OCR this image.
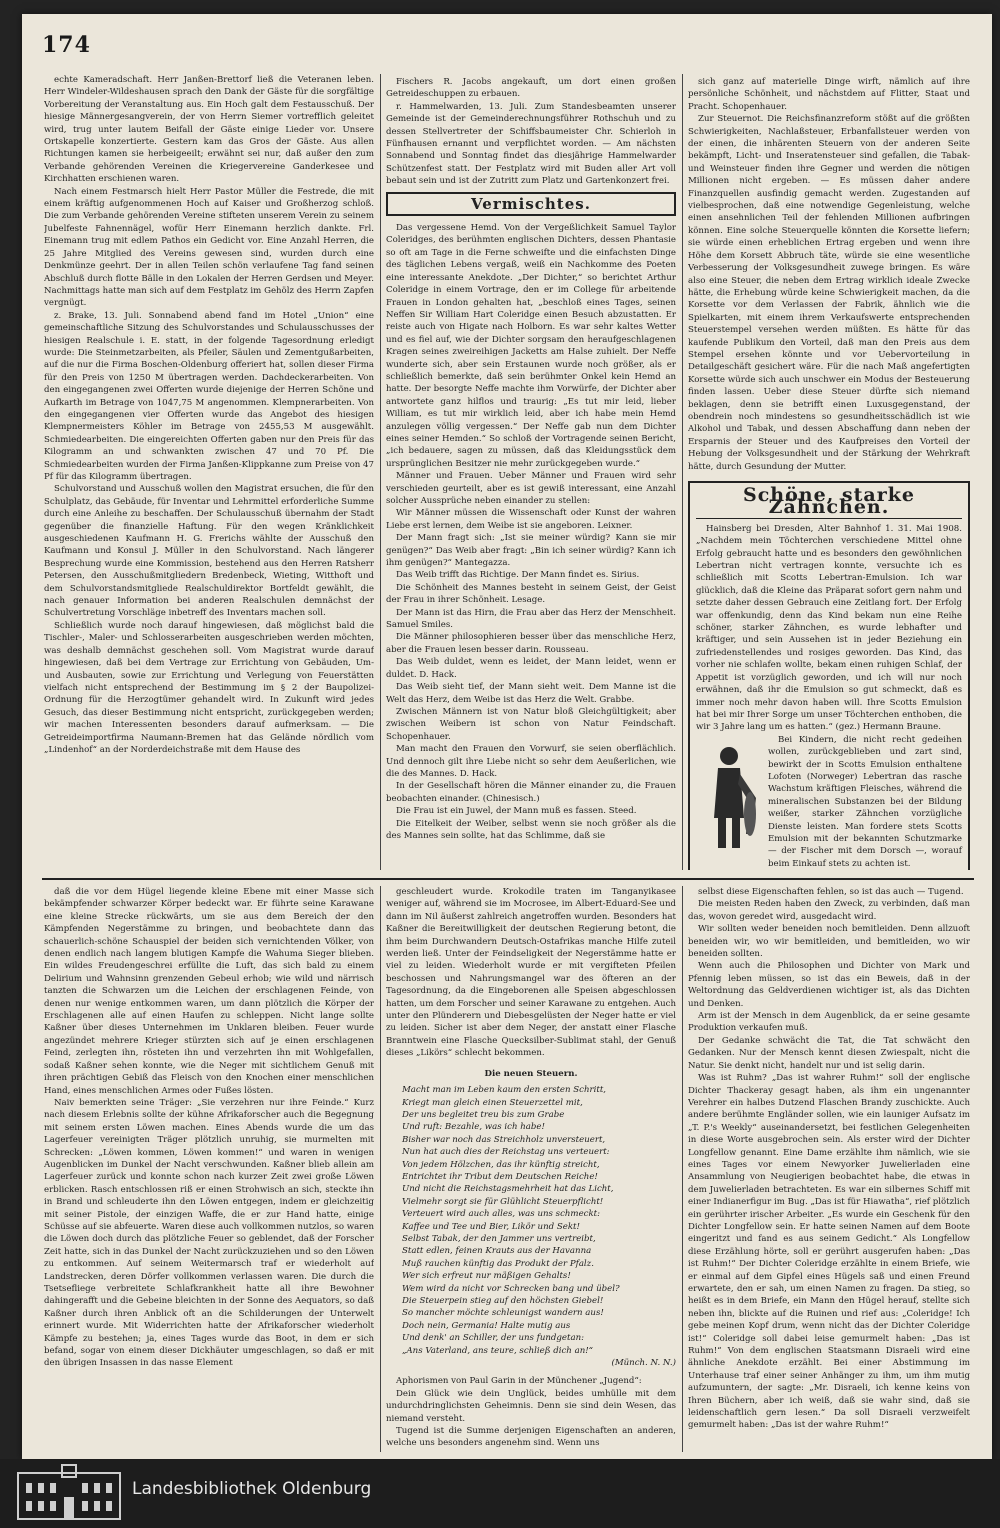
174

echte Kameradschaft. Herr Janßen-Brettorf ließ die Veteranen leben. Herr Windeler-Wildeshausen sprach den Dank der Gäste für die sorgfältige Vorbereitung der Veranstaltung aus. Ein Hoch galt dem Festausschuß. Der hiesige Männergesangverein, der von Herrn Siemer vortrefflich geleitet wird, trug unter lautem Beifall der Gäste einige Lieder vor. Unsere Ortskapelle konzertierte. Gestern kam das Gros der Gäste. Aus allen Richtungen kamen sie herbeigeeilt; erwähnt sei nur, daß außer den zum Verbande gehörenden Vereinen die Kriegervereine Ganderkesee und Kirchhatten erschienen waren.

Nach einem Festmarsch hielt Herr Pastor Müller die Festrede, die mit einem kräftig aufgenommenen Hoch auf Kaiser und Großherzog schloß. Die zum Verbande gehörenden Vereine stifteten unserem Verein zu seinem Jubelfeste Fahnennägel, wofür Herr Einemann herzlich dankte. Frl. Einemann trug mit edlem Pathos ein Gedicht vor. Eine Anzahl Herren, die 25 Jahre Mitglied des Vereins gewesen sind, wurden durch eine Denkmünze geehrt. Der in allen Teilen schön verlaufene Tag fand seinen Abschluß durch flotte Bälle in den Lokalen der Herren Gerdsen und Meyer. Nachmittags hatte man sich auf dem Festplatz im Gehölz des Herrn Zapfen vergnügt.

z. Brake, 13. Juli. Sonnabend abend fand im Hotel „Union“ eine gemeinschaftliche Sitzung des Schulvorstandes und Schulausschusses der hiesigen Realschule i. E. statt, in der folgende Tagesordnung erledigt wurde: Die Steinmetzarbeiten, als Pfeiler, Säulen und Zementgußarbeiten, auf die nur die Firma Boschen-Oldenburg offeriert hat, sollen dieser Firma für den Preis von 1250 M übertragen werden. Dachdeckerarbeiten. Von den eingegangenen zwei Offerten wurde diejenige der Herren Schöne und Aufkarth im Betrage von 1047,75 M angenommen. Klempnerarbeiten. Von den eingegangenen vier Offerten wurde das Angebot des hiesigen Klempnermeisters Köhler im Betrage von 2455,53 M ausgewählt. Schmiedearbeiten. Die eingereichten Offerten gaben nur den Preis für das Kilogramm an und schwankten zwischen 47 und 70 Pf. Die Schmiedearbeiten wurden der Firma Janßen-Klippkanne zum Preise von 47 Pf für das Kilogramm übertragen.

Schulvorstand und Ausschuß wollen den Magistrat ersuchen, die für den Schulplatz, das Gebäude, für Inventar und Lehrmittel erforderliche Summe durch eine Anleihe zu beschaffen. Der Schulausschuß übernahm der Stadt gegenüber die finanzielle Haftung. Für den wegen Kränklichkeit ausgeschiedenen Kaufmann H. G. Frerichs wählte der Ausschuß den Kaufmann und Konsul J. Müller in den Schulvorstand. Nach längerer Besprechung wurde eine Kommission, bestehend aus den Herren Ratsherr Petersen, den Ausschußmitgliedern Bredenbeck, Wieting, Witthoft und dem Schulvorstandsmitgliede Realschuldirektor Bortfeldt gewählt, die nach genauer Information bei anderen Realschulen demnächst der Schulvertretung Vorschläge inbetreff des Inventars machen soll.

Schließlich wurde noch darauf hingewiesen, daß möglichst bald die Tischler-, Maler- und Schlosserarbeiten ausgeschrieben werden möchten, was deshalb demnächst geschehen soll. Vom Magistrat wurde darauf hingewiesen, daß bei dem Vertrage zur Errichtung von Gebäuden, Um- und Ausbauten, sowie zur Errichtung und Verlegung von Feuerstätten vielfach nicht entsprechend der Bestimmung im § 2 der Baupolizei-Ordnung für die Herzogtümer gehandelt wird. In Zukunft wird jedes Gesuch, das dieser Bestimmung nicht entspricht, zurückgegeben werden; wir machen Interessenten besonders darauf aufmerksam. — Die Getreideimportfirma Naumann-Bremen hat das Gelände nördlich vom „Lindenhof“ an der Norderdeichstraße mit dem Hause des

Fischers R. Jacobs angekauft, um dort einen großen Getreideschuppen zu erbauen.

r. Hammelwarden, 13. Juli. Zum Standesbeamten unserer Gemeinde ist der Gemeinderechnungsführer Rothschuh und zu dessen Stellvertreter der Schiffsbaumeister Chr. Schierloh in Fünfhausen ernannt und verpflichtet worden. — Am nächsten Sonnabend und Sonntag findet das diesjährige Hammelwarder Schützenfest statt. Der Festplatz wird mit Buden aller Art voll bebaut sein und ist der Zutritt zum Platz und Gartenkonzert frei.

Vermischtes.

Das vergessene Hemd. Von der Vergeßlichkeit Samuel Taylor Coleridges, des berühmten englischen Dichters, dessen Phantasie so oft am Tage in die Ferne schweifte und die einfachsten Dinge des täglichen Lebens vergaß, weiß ein Nachkomme des Poeten eine interessante Anekdote. „Der Dichter,“ so berichtet Arthur Coleridge in einem Vortrage, den er im College für arbeitende Frauen in London gehalten hat, „beschloß eines Tages, seinen Neffen Sir William Hart Coleridge einen Besuch abzustatten. Er reiste auch von Higate nach Holborn. Es war sehr kaltes Wetter und es fiel auf, wie der Dichter sorgsam den heraufgeschlagenen Kragen seines zweireihigen Jacketts am Halse zuhielt. Der Neffe wunderte sich, aber sein Erstaunen wurde noch größer, als er schließlich bemerkte, daß sein berühmter Onkel kein Hemd an hatte. Der besorgte Neffe machte ihm Vorwürfe, der Dichter aber antwortete ganz hilflos und traurig: „Es tut mir leid, lieber William, es tut mir wirklich leid, aber ich habe mein Hemd anzulegen völlig vergessen.“ Der Neffe gab nun dem Dichter eines seiner Hemden.“ So schloß der Vortragende seinen Bericht, „ich bedauere, sagen zu müssen, daß das Kleidungsstück dem ursprünglichen Besitzer nie mehr zurückgegeben wurde.“

Männer und Frauen. Ueber Männer und Frauen wird sehr verschieden geurteilt, aber es ist gewiß interessant, eine Anzahl solcher Aussprüche neben einander zu stellen:

Wir Männer müssen die Wissenschaft oder Kunst der wahren Liebe erst lernen, dem Weibe ist sie angeboren. Leixner.

Der Mann fragt sich: „Ist sie meiner würdig? Kann sie mir genügen?“ Das Weib aber fragt: „Bin ich seiner würdig? Kann ich ihm genügen?“ Mantegazza.

Das Weib trifft das Richtige. Der Mann findet es. Sirius.

Die Schönheit des Mannes besteht in seinem Geist, der Geist der Frau in ihrer Schönheit. Lesage.

Der Mann ist das Hirn, die Frau aber das Herz der Menschheit. Samuel Smiles.

Die Männer philosophieren besser über das menschliche Herz, aber die Frauen lesen besser darin. Rousseau.

Das Weib duldet, wenn es leidet, der Mann leidet, wenn er duldet. D. Hack.

Das Weib sieht tief, der Mann sieht weit. Dem Manne ist die Welt das Herz, dem Weibe ist das Herz die Welt. Grabbe.

Zwischen Männern ist von Natur bloß Gleichgültigkeit; aber zwischen Weibern ist schon von Natur Feindschaft. Schopenhauer.

Man macht den Frauen den Vorwurf, sie seien oberflächlich. Und dennoch gilt ihre Liebe nicht so sehr dem Aeußerlichen, wie die des Mannes. D. Hack.

In der Gesellschaft hören die Männer einander zu, die Frauen beobachten einander. (Chinesisch.)

Die Frau ist ein Juwel, der Mann muß es fassen. Steed.

Die Eitelkeit der Weiber, selbst wenn sie noch größer als die des Mannes sein sollte, hat das Schlimme, daß sie

sich ganz auf materielle Dinge wirft, nämlich auf ihre persönliche Schönheit, und nächstdem auf Flitter, Staat und Pracht. Schopenhauer.

Zur Steuernot. Die Reichsfinanzreform stößt auf die größten Schwierigkeiten, Nachlaßsteuer, Erbanfallsteuer werden von der einen, die inhärenten Steuern von der anderen Seite bekämpft, Licht- und Inseratensteuer sind gefallen, die Tabak- und Weinsteuer finden ihre Gegner und werden die nötigen Millionen nicht ergeben. — Es müssen daher andere Finanzquellen ausfindig gemacht werden. Zugestanden auf vielbesprochen, daß eine notwendige Gegenleistung, welche einen ansehnlichen Teil der fehlenden Millionen aufbringen können. Eine solche Steuerquelle könnten die Korsette liefern; sie würde einen erheblichen Ertrag ergeben und wenn ihre Höhe dem Korsett Abbruch täte, würde sie eine wesentliche Verbesserung der Volksgesundheit zuwege bringen. Es wäre also eine Steuer, die neben dem Ertrag wirklich ideale Zwecke hätte, die Erhebung würde keine Schwierigkeit machen, da die Korsette vor dem Verlassen der Fabrik, ähnlich wie die Spielkarten, mit einem ihrem Verkaufswerte entsprechenden Steuerstempel versehen werden müßten. Es hätte für das kaufende Publikum den Vorteil, daß man den Preis aus dem Stempel ersehen könnte und vor Uebervorteilung in Detailgeschäft gesichert wäre. Für die nach Maß angefertigten Korsette würde sich auch unschwer ein Modus der Besteuerung finden lassen. Ueber diese Steuer dürfte sich niemand beklagen, denn sie betrifft einen Luxusgegenstand, der obendrein noch mindestens so gesundheitsschädlich ist wie Alkohol und Tabak, und dessen Abschaffung dann neben der Ersparnis der Steuer und des Kaufpreises den Vorteil der Hebung der Volksgesundheit und der Stärkung der Wehrkraft hätte, durch Gesundung der Mutter.

Schöne, starke Zähnchen.

Hainsberg bei Dresden, Alter Bahnhof 1. 31. Mai 1908. „Nachdem mein Töchterchen verschiedene Mittel ohne Erfolg gebraucht hatte und es besonders den gewöhnlichen Lebertran nicht vertragen konnte, versuchte ich es schließlich mit Scotts Lebertran-Emulsion. Ich war glücklich, daß die Kleine das Präparat sofort gern nahm und setzte daher dessen Gebrauch eine Zeitlang fort. Der Erfolg war offenkundig, denn das Kind bekam nun eine Reihe schöner, starker Zähnchen, es wurde lebhafter und kräftiger, und sein Aussehen ist in jeder Beziehung ein zufriedenstellendes und rosiges geworden. Das Kind, das vorher nie schlafen wollte, bekam einen ruhigen Schlaf, der Appetit ist vorzüglich geworden, und ich will nur noch erwähnen, daß ihr die Emulsion so gut schmeckt, daß es immer noch mehr davon haben will. Ihre Scotts Emulsion hat bei mir Ihrer Sorge um unser Töchterchen enthoben, die wir 3 Jahre lang um es hatten.“ (gez.) Hermann Braune.

Bei Kindern, die nicht recht gedeihen wollen, zurückgeblieben und zart sind, bewirkt der in Scotts Emulsion enthaltene Lofoten (Norweger) Lebertran das rasche Wachstum kräftigen Fleisches, während die mineralischen Substanzen bei der Bildung weißer, starker Zähnchen vorzügliche Dienste leisten. Man fordere stets Scotts Emulsion mit der bekannten Schutzmarke — der Fischer mit dem Dorsch —, worauf beim Einkauf stets zu achten ist.

daß die vor dem Hügel liegende kleine Ebene mit einer Masse sich bekämpfender schwarzer Körper bedeckt war. Er führte seine Karawane eine kleine Strecke rückwärts, um sie aus dem Bereich der den Kämpfenden Negerstämme zu bringen, und beobachtete dann das schauerlich-schöne Schauspiel der beiden sich vernichtenden Völker, von denen endlich nach langem blutigen Kampfe die Wahuma Sieger blieben. Ein wildes Freudengeschrei erfüllte die Luft, das sich bald zu einem Delirium und Wahnsinn grenzenden Gebeul erhob; wie wild und närrisch tanzten die Schwarzen um die Leichen der erschlagenen Feinde, von denen nur wenige entkommen waren, um dann plötzlich die Körper der Erschlagenen alle auf einen Haufen zu schleppen. Nicht lange sollte Kaßner über dieses Unternehmen im Unklaren bleiben. Feuer wurde angezündet mehrere Krieger stürzten sich auf je einen erschlagenen Feind, zerlegten ihn, rösteten ihn und verzehrten ihn mit Wohlgefallen, sodaß Kaßner sehen konnte, wie die Neger mit sichtlichem Genuß mit ihren prächtigen Gebiß das Fleisch von den Knochen einer menschlichen Hand, eines menschlichen Armes oder Fußes lösten.

Naiv bemerkten seine Träger: „Sie verzehren nur ihre Feinde.“ Kurz nach diesem Erlebnis sollte der kühne Afrikaforscher auch die Begegnung mit seinem ersten Löwen machen. Eines Abends wurde die um das Lagerfeuer vereinigten Träger plötzlich unruhig, sie murmelten mit Schrecken: „Löwen kommen, Löwen kommen!“ und waren in wenigen Augenblicken im Dunkel der Nacht verschwunden. Kaßner blieb allein am Lagerfeuer zurück und konnte schon nach kurzer Zeit zwei große Löwen erblicken. Rasch entschlossen riß er einen Strohwisch an sich, steckte ihn in Brand und schleuderte ihn den Löwen entgegen, indem er gleichzeitig mit seiner Pistole, der einzigen Waffe, die er zur Hand hatte, einige Schüsse auf sie abfeuerte. Waren diese auch vollkommen nutzlos, so waren die Löwen doch durch das plötzliche Feuer so geblendet, daß der Forscher Zeit hatte, sich in das Dunkel der Nacht zurückzuziehen und so den Löwen zu entkommen. Auf seinem Weitermarsch traf er wiederholt auf Landstrecken, deren Dörfer vollkommen verlassen waren. Die durch die Tsetsefliege verbreitete Schlafkrankheit hatte all ihre Bewohner dahingerafft und die Gebeine bleichten in der Sonne des Aequators, so daß Kaßner durch ihren Anblick oft an die Schilderungen der Unterwelt erinnert wurde. Mit Widerrichten hatte der Afrikaforscher wiederholt Kämpfe zu bestehen; ja, eines Tages wurde das Boot, in dem er sich befand, sogar von einem dieser Dickhäuter umgeschlagen, so daß er mit den übrigen Insassen in das nasse Element

geschleudert wurde. Krokodile traten im Tanganyikasee weniger auf, während sie im Mocrosee, im Albert-Eduard-See und dann im Nil äußerst zahlreich angetroffen wurden. Besonders hat Kaßner die Bereitwilligkeit der deutschen Regierung betont, die ihm beim Durchwandern Deutsch-Ostafrikas manche Hilfe zuteil werden ließ. Unter der Feindseligkeit der Negerstämme hatte er viel zu leiden. Wiederholt wurde er mit vergifteten Pfeilen beschossen und Nahrungsmangel war des öfteren an der Tagesordnung, da die Eingeborenen alle Speisen abgeschlossen hatten, um dem Forscher und seiner Karawane zu entgehen. Auch unter den Plünderern und Diebesgelüsten der Neger hatte er viel zu leiden. Sicher ist aber dem Neger, der anstatt einer Flasche Branntwein eine Flasche Quecksilber-Sublimat stahl, der Genuß dieses „Likörs“ schlecht bekommen.

Die neuen Steuern.

Macht man im Leben kaum den ersten Schritt,

Kriegt man gleich einen Steuerzettel mit,

Der uns begleitet treu bis zum Grabe

Und ruft: Bezahle, was ich habe!

Bisher war noch das Streichholz unversteuert,

Nun hat auch dies der Reichstag uns verteuert:

Von jedem Hölzchen, das ihr künftig streicht,

Entrichtet ihr Tribut dem Deutschen Reiche!

Und nicht die Reichstagsmehrheit hat das Licht,

Vielmehr sorgt sie für Glühlicht Steuerpflicht!

Verteuert wird auch alles, was uns schmeckt:

Kaffee und Tee und Bier, Likör und Sekt!

Selbst Tabak, der den Jammer uns vertreibt,

Statt edlen, feinen Krauts aus der Havanna

Muß rauchen künftig das Produkt der Pfalz.

Wer sich erfreut nur mäßigen Gehalts!

Wem wird da nicht vor Schrecken bang und übel?

Die Steuerpein stieg auf den höchsten Giebel!

So mancher möchte schleunigst wandern aus!

Doch nein, Germania! Halte mutig aus

Und denk' an Schiller, der uns fundgetan:

„Ans Vaterland, ans teure, schließ dich an!“

(Münch. N. N.)

Aphorismen von Paul Garin in der Münchener „Jugend“:

Dein Glück wie dein Unglück, beides umhülle mit dem undurchdringlichsten Geheimnis. Denn sie sind dein Wesen, das niemand versteht.

Tugend ist die Summe derjenigen Eigenschaften an anderen, welche uns besonders angenehm sind. Wenn uns

selbst diese Eigenschaften fehlen, so ist das auch — Tugend.

Die meisten Reden haben den Zweck, zu verbinden, daß man das, wovon geredet wird, ausgedacht wird.

Wir sollten weder beneiden noch bemitleiden. Denn allzuoft beneiden wir, wo wir bemitleiden, und bemitleiden, wo wir beneiden sollten.

Wenn auch die Philosophen und Dichter von Mark und Pfennig leben müssen, so ist das ein Beweis, daß in der Weltordnung das Geldverdienen wichtiger ist, als das Dichten und Denken.

Arm ist der Mensch in dem Augenblick, da er seine gesamte Produktion verkaufen muß.

Der Gedanke schwächt die Tat, die Tat schwächt den Gedanken. Nur der Mensch kennt diesen Zwiespalt, nicht die Natur. Sie denkt nicht, handelt nur und ist selig darin.

Was ist Ruhm? „Das ist wahrer Ruhm!“ soll der englische Dichter Thackeray gesagt haben, als ihm ein ungenannter Verehrer ein halbes Dutzend Flaschen Brandy zuschickte. Auch andere berühmte Engländer sollen, wie ein launiger Aufsatz im „T. P.'s Weekly“ auseinandersetzt, bei festlichen Gelegenheiten in diese Worte ausgebrochen sein. Als erster wird der Dichter Longfellow genannt. Eine Dame erzählte ihm nämlich, wie sie eines Tages vor einem Newyorker Juwelierladen eine Ansammlung von Neugierigen beobachtet habe, die etwas in dem Juwelierladen betrachteten. Es war ein silbernes Schiff mit einer Indianerfigur im Bug. „Das ist für Hiawatha“, rief plötzlich ein gerührter irischer Arbeiter. „Es wurde ein Geschenk für den Dichter Longfellow sein. Er hatte seinen Namen auf dem Boote eingeritzt und fand es aus seinem Gedicht.“ Als Longfellow diese Erzählung hörte, soll er gerührt ausgerufen haben: „Das ist Ruhm!“ Der Dichter Coleridge erzählte in einem Briefe, wie er einmal auf dem Gipfel eines Hügels saß und einen Freund erwartete, den er sah, um einen Namen zu fragen. Da stieg, so heißt es in dem Briefe, ein Mann den Hügel herauf, stellte sich neben ihn, blickte auf die Ruinen und rief aus: „Coleridge! Ich gebe meinen Kopf drum, wenn nicht das der Dichter Coleridge ist!“ Coleridge soll dabei leise gemurmelt haben: „Das ist Ruhm!“ Von dem englischen Staatsmann Disraeli wird eine ähnliche Anekdote erzählt. Bei einer Abstimmung im Unterhause traf einer seiner Anhänger zu ihm, um ihm mutig aufzumuntern, der sagte: „Mr. Disraeli, ich kenne keins von Ihren Büchern, aber ich weiß, daß sie wahr sind, daß sie leidenschaftlich gern lesen.“ Da soll Disraeli verzweifelt gemurmelt haben: „Das ist der wahre Ruhm!“

Landesbibliothek Oldenburg
